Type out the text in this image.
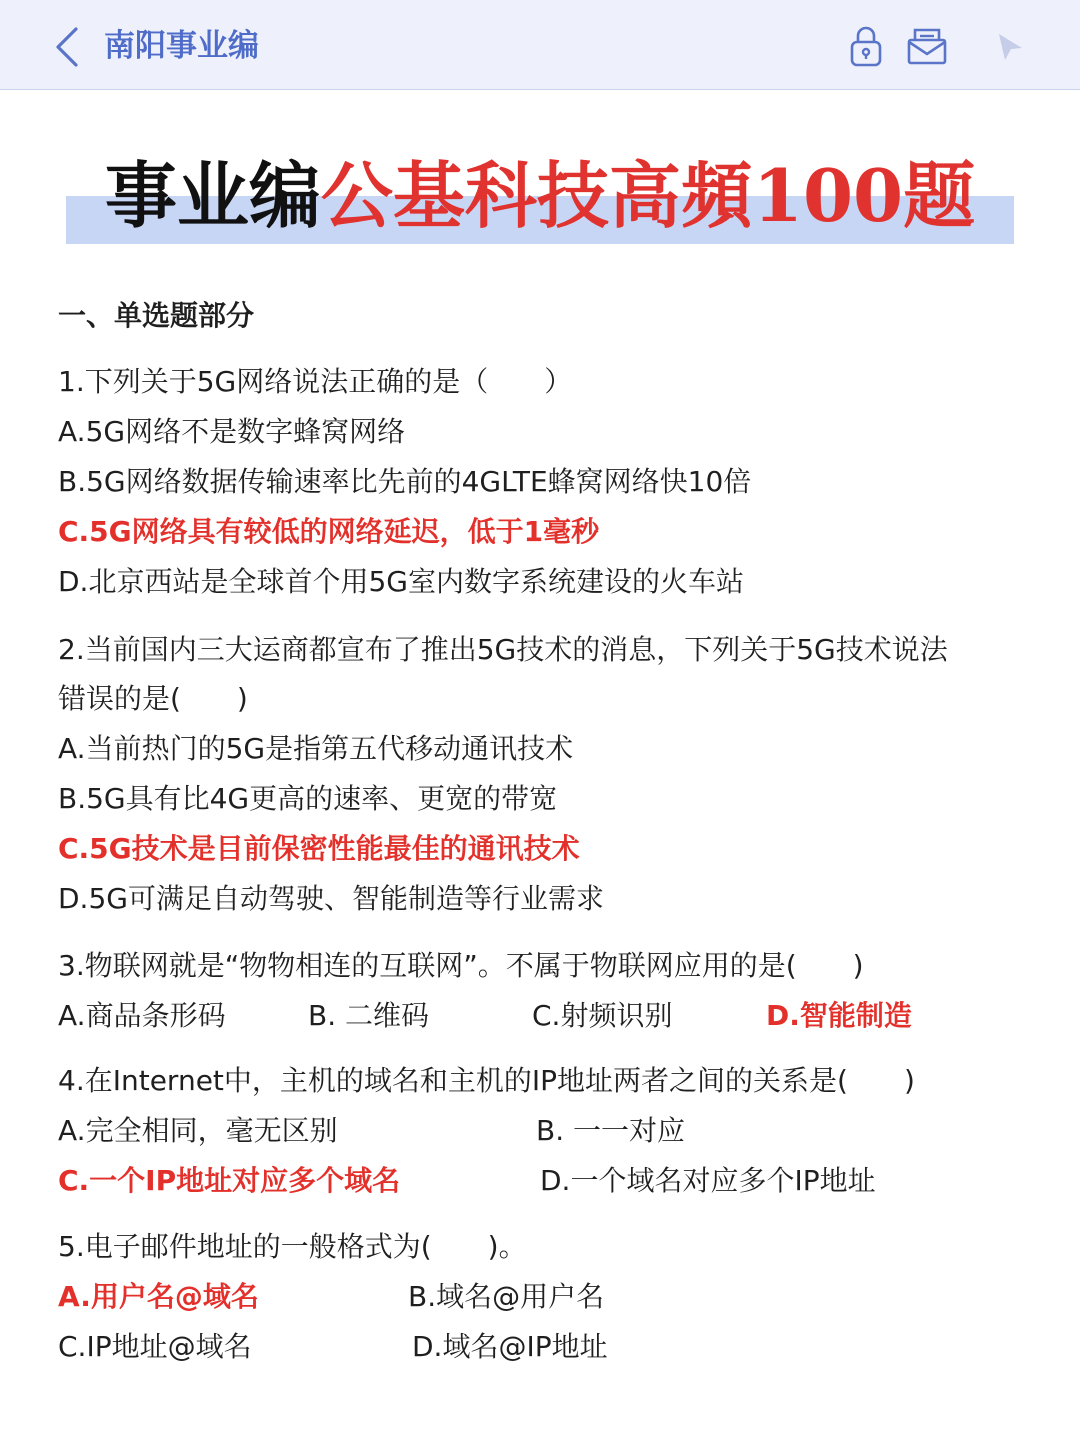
南阳事业编
事业编公基科技高頻100题
一、单选题部分
1.下列关于5G网络说法正确的是（　　）
A.5G网络不是数字蜂窝网络
B.5G网络数据传输速率比先前的4GLTE蜂窝网络快10倍
C.5G网络具有较低的网络延迟，低于1毫秒
D.北京西站是全球首个用5G室内数字系统建设的火车站
2.当前国内三大运商都宣布了推出5G技术的消息，下列关于5G技术说法
错误的是(　　)
A.当前热门的5G是指第五代移动通讯技术
B.5G具有比4G更高的速率、更宽的带宽
C.5G技术是目前保密性能最佳的通讯技术
D.5G可满足自动驾驶、智能制造等行业需求
3.物联网就是“物物相连的互联网”。不属于物联网应用的是(　　)
A.商品条形码	B. 二维码	C.射频识别	D.智能制造
4.在Internet中，主机的域名和主机的IP地址两者之间的关系是(　　)
A.完全相同，毫无区别	B. 一一对应
C.一个IP地址对应多个域名	D.一个域名对应多个IP地址
5.电子邮件地址的一般格式为(　　)。
A.用户名@域名	B.域名@用户名
C.IP地址@域名	D.域名@IP地址
